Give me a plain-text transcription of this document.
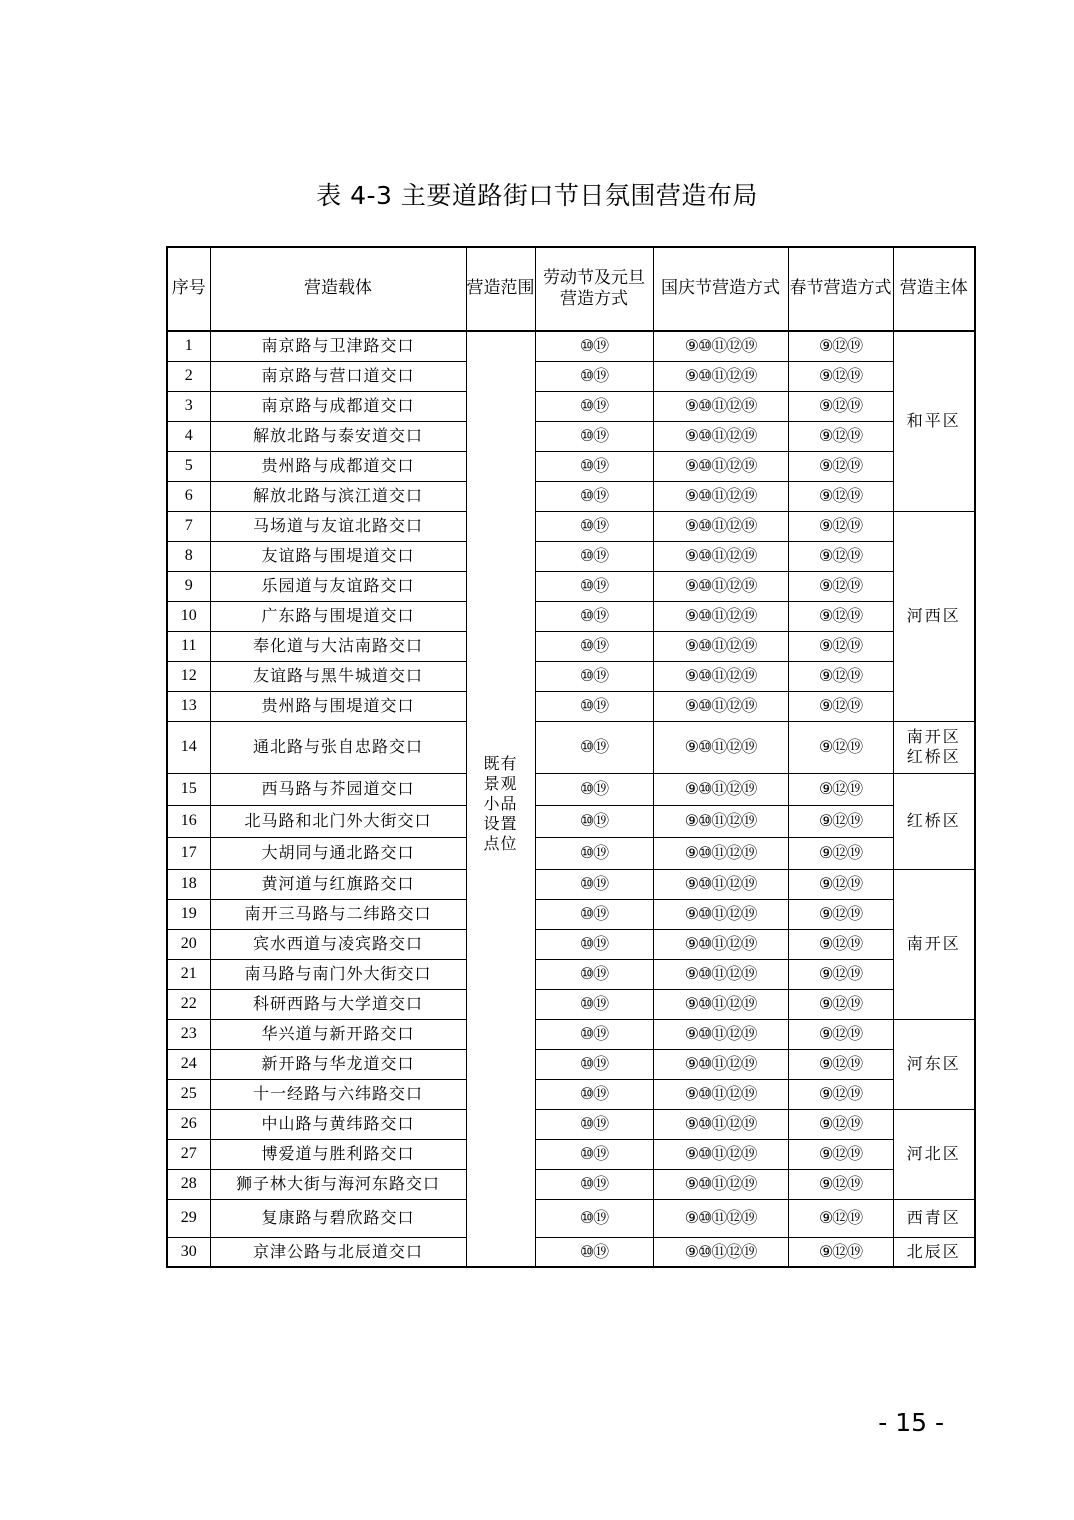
表 4-3 主要道路街口节日氛围营造布局
序号	营造载体	营造范围	劳动节及元旦营造方式	国庆节营造方式	春节营造方式	营造主体
1	南京路与卫津路交口	既有景观小品设置点位	⑩⑲	⑨⑩⑪⑫⑲	⑨⑫⑲	和平区
2	南京路与营口道交口		⑩⑲	⑨⑩⑪⑫⑲	⑨⑫⑲	
3	南京路与成都道交口		⑩⑲	⑨⑩⑪⑫⑲	⑨⑫⑲	
4	解放北路与泰安道交口		⑩⑲	⑨⑩⑪⑫⑲	⑨⑫⑲	
5	贵州路与成都道交口		⑩⑲	⑨⑩⑪⑫⑲	⑨⑫⑲	
6	解放北路与滨江道交口		⑩⑲	⑨⑩⑪⑫⑲	⑨⑫⑲	
7	马场道与友谊北路交口		⑩⑲	⑨⑩⑪⑫⑲	⑨⑫⑲	河西区
8	友谊路与围堤道交口		⑩⑲	⑨⑩⑪⑫⑲	⑨⑫⑲	
9	乐园道与友谊路交口		⑩⑲	⑨⑩⑪⑫⑲	⑨⑫⑲	
10	广东路与围堤道交口		⑩⑲	⑨⑩⑪⑫⑲	⑨⑫⑲	
11	奉化道与大沽南路交口		⑩⑲	⑨⑩⑪⑫⑲	⑨⑫⑲	
12	友谊路与黑牛城道交口		⑩⑲	⑨⑩⑪⑫⑲	⑨⑫⑲	
13	贵州路与围堤道交口		⑩⑲	⑨⑩⑪⑫⑲	⑨⑫⑲	
14	通北路与张自忠路交口		⑩⑲	⑨⑩⑪⑫⑲	⑨⑫⑲	南开区红桥区

15	西马路与芥园道交口		⑩⑲	⑨⑩⑪⑫⑲	⑨⑫⑲	红桥区
16	北马路和北门外大街交口		⑩⑲	⑨⑩⑪⑫⑲	⑨⑫⑲	
17	大胡同与通北路交口		⑩⑲	⑨⑩⑪⑫⑲	⑨⑫⑲	
18	黄河道与红旗路交口		⑩⑲	⑨⑩⑪⑫⑲	⑨⑫⑲	南开区
19	南开三马路与二纬路交口		⑩⑲	⑨⑩⑪⑫⑲	⑨⑫⑲	
20	宾水西道与凌宾路交口		⑩⑲	⑨⑩⑪⑫⑲	⑨⑫⑲	
21	南马路与南门外大街交口		⑩⑲	⑨⑩⑪⑫⑲	⑨⑫⑲	
22	科研西路与大学道交口		⑩⑲	⑨⑩⑪⑫⑲	⑨⑫⑲	
23	华兴道与新开路交口		⑩⑲	⑨⑩⑪⑫⑲	⑨⑫⑲	河东区
24	新开路与华龙道交口		⑩⑲	⑨⑩⑪⑫⑲	⑨⑫⑲	
25	十一经路与六纬路交口		⑩⑲	⑨⑩⑪⑫⑲	⑨⑫⑲	
26	中山路与黄纬路交口		⑩⑲	⑨⑩⑪⑫⑲	⑨⑫⑲	河北区
27	博爱道与胜利路交口		⑩⑲	⑨⑩⑪⑫⑲	⑨⑫⑲	
28	狮子林大街与海河东路交口		⑩⑲	⑨⑩⑪⑫⑲	⑨⑫⑲	
29	复康路与碧欣路交口		⑩⑲	⑨⑩⑪⑫⑲	⑨⑫⑲	西青区
30	京津公路与北辰道交口		⑩⑲	⑨⑩⑪⑫⑲	⑨⑫⑲	北辰区
- 15 -
